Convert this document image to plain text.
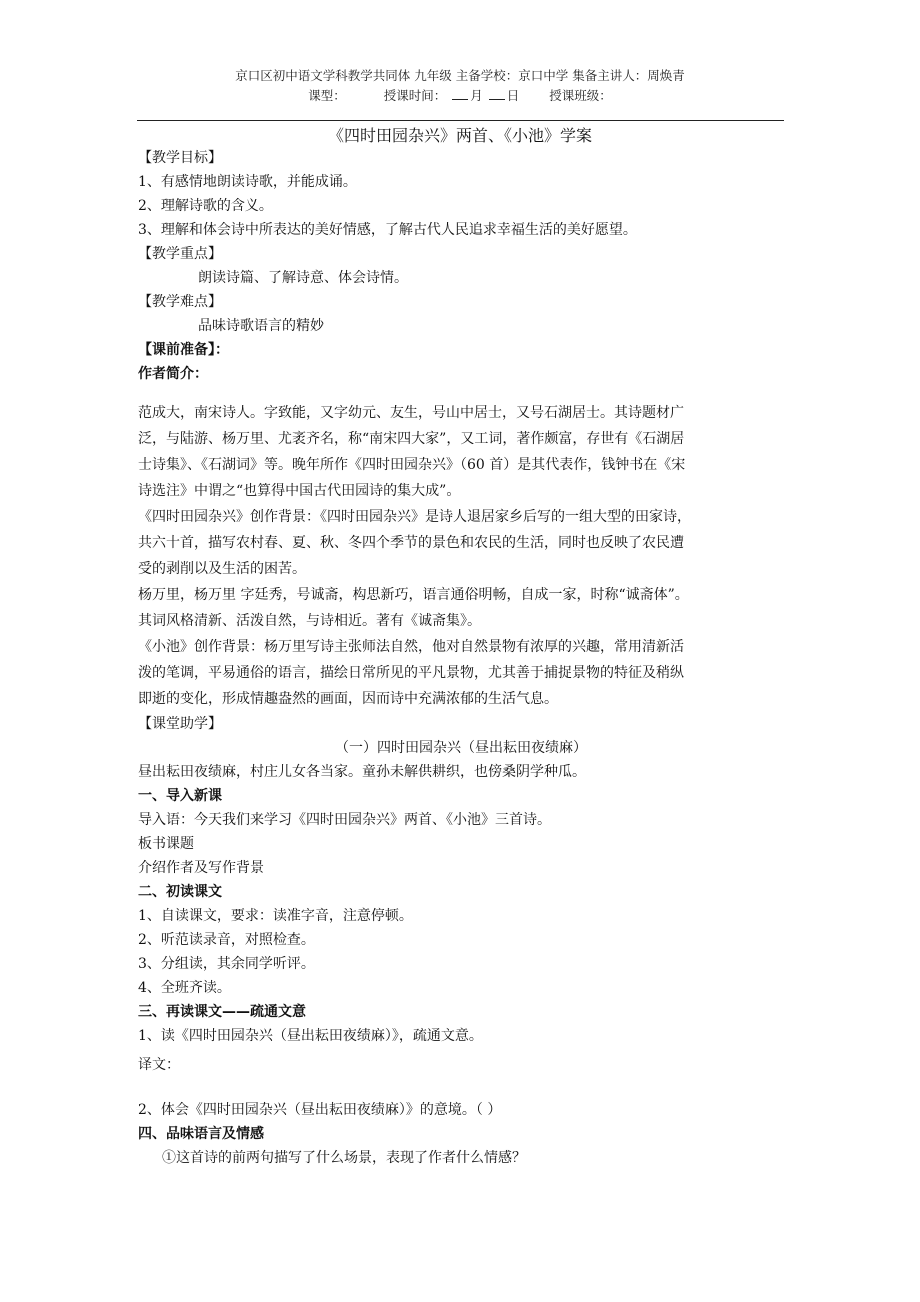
京口区初中语文学科教学共同体 九年级 主备学校：京口中学 集备主讲人：周焕青
课型：	授课时间： 月 日 授课班级：
《四时田园杂兴》两首、《小池》学案
【教学目标】
1、有感情地朗读诗歌，并能成诵。
2、理解诗歌的含义。
3、理解和体会诗中所表达的美好情感，了解古代人民追求幸福生活的美好愿望。
【教学重点】
朗读诗篇、了解诗意、体会诗情。
【教学难点】
品味诗歌语言的精妙
【课前准备】：
作者简介：
范成大，南宋诗人。字致能，又字幼元、友生，号山中居士，又号石湖居士。其诗题材广
泛，与陆游、杨万里、尤袤齐名，称“南宋四大家”，又工词，著作颇富，存世有《石湖居
士诗集》、《石湖词》等。晚年所作《四时田园杂兴》（60 首）是其代表作，钱钟书在《宋
诗选注》中谓之“也算得中国古代田园诗的集大成”。
《四时田园杂兴》创作背景：《四时田园杂兴》是诗人退居家乡后写的一组大型的田家诗，
共六十首，描写农村春、夏、秋、冬四个季节的景色和农民的生活，同时也反映了农民遭
受的剥削以及生活的困苦。
杨万里，杨万里 字廷秀，号诚斋，构思新巧，语言通俗明畅，自成一家，时称“诚斋体”。
其词风格清新、活泼自然，与诗相近。著有《诚斋集》。
《小池》创作背景：杨万里写诗主张师法自然，他对自然景物有浓厚的兴趣，常用清新活
泼的笔调，平易通俗的语言，描绘日常所见的平凡景物，尤其善于捕捉景物的特征及稍纵
即逝的变化，形成情趣盎然的画面，因而诗中充满浓郁的生活气息。
【课堂助学】
（一）四时田园杂兴（昼出耘田夜绩麻）
昼出耘田夜绩麻，村庄儿女各当家。童孙未解供耕织，也傍桑阴学种瓜。
一、导入新课
导入语：今天我们来学习《四时田园杂兴》两首、《小池》三首诗。
板书课题
介绍作者及写作背景
二、初读课文
1、自读课文，要求：读准字音，注意停顿。
2、听范读录音，对照检查。
3、分组读，其余同学听评。
4、全班齐读。
三、再读课文——疏通文意
1、读《四时田园杂兴（昼出耘田夜绩麻）》，疏通文意。
译文：
2、体会《四时田园杂兴（昼出耘田夜绩麻）》的意境。（ ）
四、品味语言及情感
①这首诗的前两句描写了什么场景，表现了作者什么情感？
